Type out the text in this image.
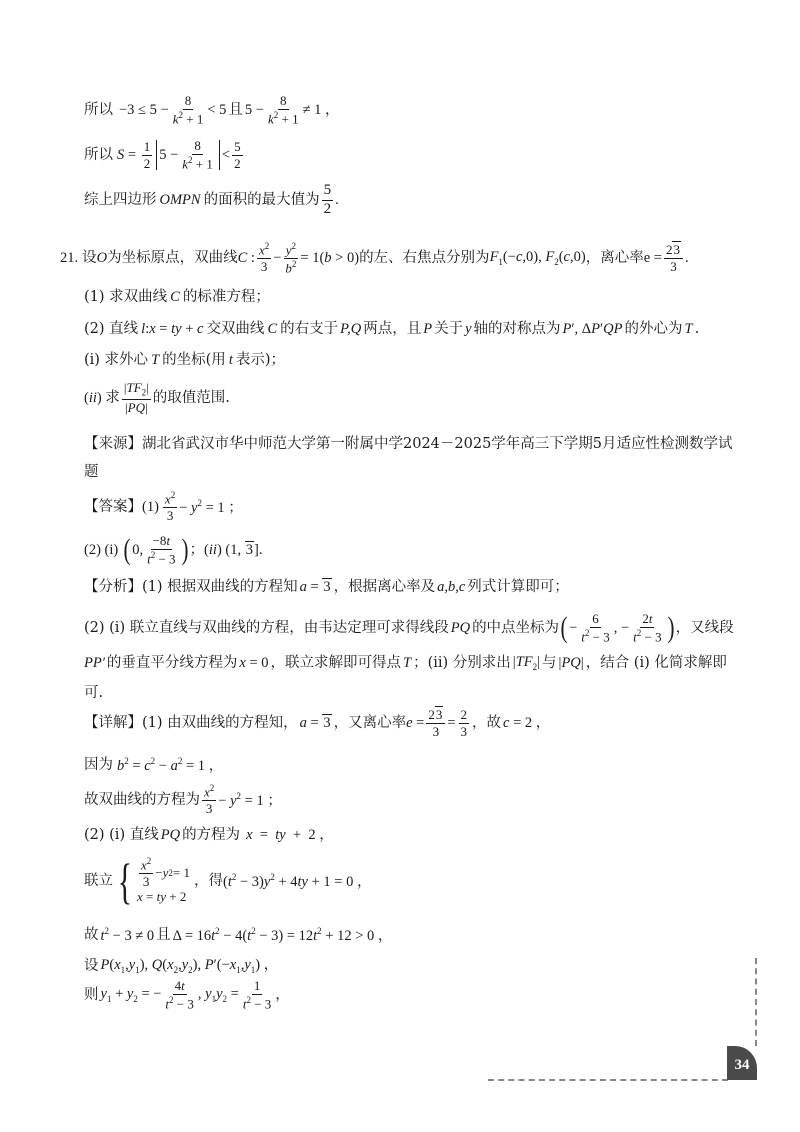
所以 $-3 \le 5 - \frac{8}{k^2 + 1} < 5$ 且 $5 - \frac{8}{k^2 + 1} \ne 1$ ，
所以 $S = \frac{1}{2} 5 - \frac{8}{k^2 + 1} < \frac{5}{2}$
综上四边形 OMPN 的面积的最大值为 $\frac{5}{2}$ .
21. 设 O 为坐标原点，双曲线 C : $\frac{x^2}{3} - \frac{y^2}{b^2} = 1(b > 0)$ 的左、右焦点分别为 $F_1(-c,0)$, $F_2(c,0)$ ，离心率 $e = \frac{23}{3}$ .
(1) 求双曲线 C 的标准方程；
(2) 直线 l:x = ty + c 交双曲线 C 的右支于 P,Q 两点，且 P 关于 y 轴的对称点为 P′, ΔP′QP 的外心为 T .
(i) 求外心 T 的坐标(用 t 表示)；
(ii) 求 $\frac{|TF_2|}{|PQ|}$ 的取值范围.
【来源】 湖北省武汉市华中师范大学第一附属中学2024－2025学年高三下学期5月适应性检测数学试
题
【答案】 $(1) \frac{x^2}{3} - y^2 = 1$ ；
(2) (i) ( 0, $\frac{-8t}{t^2 - 3}$ ) ；(ii) (1, 3].
【分析】 (1) 根据双曲线的方程知 a = 3 ，根据离心率及 a,b,c 列式计算即可；
(2) (i) 联立直线与双曲线的方程，由韦达定理可求得线段 PQ 的中点坐标为 ( − $\frac{6}{t^2 - 3}$ , − $\frac{2t}{t^2 - 3}$ ) ，又线段
PP′ 的垂直平分线方程为 x = 0 ，联立求解即可得点 T ；(ii) 分别求出 $|TF_2|$ 与 |PQ| ，结合 (i) 化简求解即
可.
【详解】 (1) 由双曲线的方程知， a = 3 ，又离心率 $e = \frac{23}{3} = \frac{2}{3}$ ，故 c = 2 ，
因为 $b^2 = c^2 - a^2 = 1$ ，
故双曲线的方程为 $\frac{x^2}{3} - y^2 = 1$ ；
(2) (i) 直线 PQ 的方程为 x  =  ty  +  2 ，
联立 { $\frac{x^2}{3} - y$ 2 = 1
x = ty + 2
，得 $(t^2 - 3)y^2 + 4ty + 1 = 0$ ，
故 $t^2 - 3 \ne 0$ 且 $\Delta = 16t^2 - 4(t^2 - 3) = 12t^2 + 12 > 0$ ，
设 $P(x_1,y_1)$, $Q(x_2,y_2)$, $P'(-x_1,y_1)$ ，
则 $y_1 + y_2$ = − $\frac{4t}{t^2 - 3}$ , $y_1y_2 = \frac{1}{t^2 - 3}$ ，
34
